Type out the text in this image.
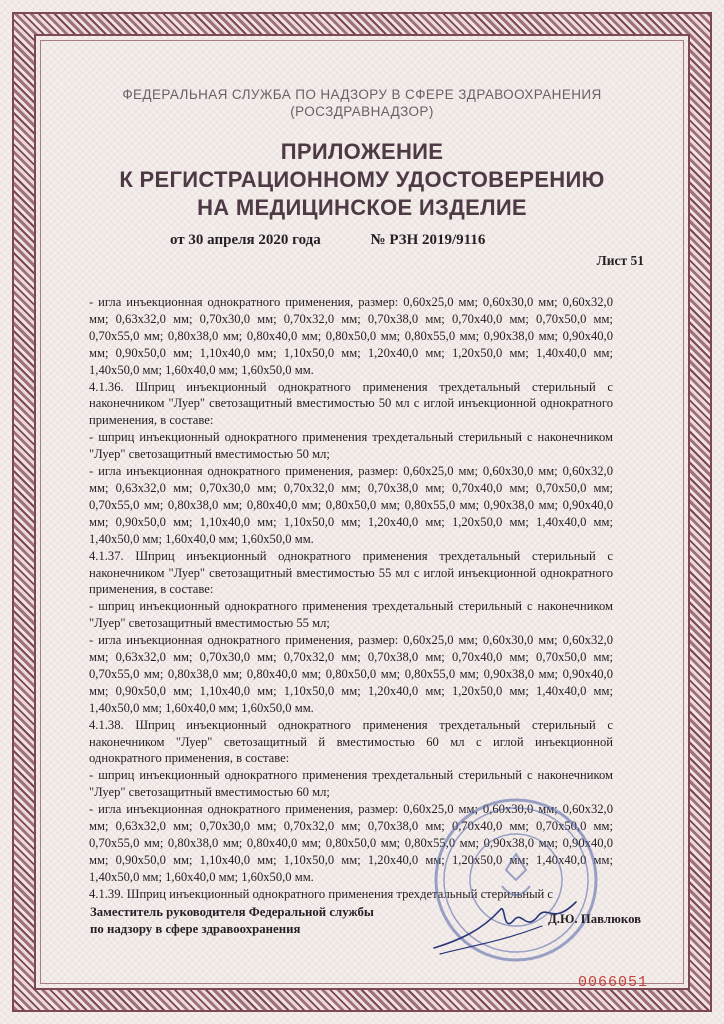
ФЕДЕРАЛЬНАЯ СЛУЖБА ПО НАДЗОРУ В СФЕРЕ ЗДРАВООХРАНЕНИЯ
(РОСЗДРАВНАДЗОР)
ПРИЛОЖЕНИЕ
К РЕГИСТРАЦИОННОМУ УДОСТОВЕРЕНИЮ
НА МЕДИЦИНСКОЕ ИЗДЕЛИЕ
от 30 апреля 2020 года	№ РЗН 2019/9116
Лист 51

- игла инъекционная однократного применения, размер: 0,60x25,0 мм; 0,60x30,0 мм; 0,60x32,0 мм; 0,63x32,0 мм; 0,70x30,0 мм; 0,70x32,0 мм; 0,70x38,0 мм; 0,70x40,0 мм; 0,70x50,0 мм; 0,70x55,0 мм; 0,80x38,0 мм; 0,80x40,0 мм; 0,80x50,0 мм; 0,80x55,0 мм; 0,90x38,0 мм; 0,90x40,0 мм; 0,90x50,0 мм; 1,10x40,0 мм; 1,10x50,0 мм; 1,20x40,0 мм; 1,20x50,0 мм; 1,40x40,0 мм; 1,40x50,0 мм; 1,60x40,0 мм; 1,60x50,0 мм.

4.1.36. Шприц инъекционный однократного применения трехдетальный стерильный с наконечником "Луер" светозащитный вместимостью 50 мл с иглой инъекционной однократного применения, в составе:

- шприц инъекционный однократного применения трехдетальный стерильный с наконечником "Луер" светозащитный вместимостью 50 мл;

- игла инъекционная однократного применения, размер: 0,60x25,0 мм; 0,60x30,0 мм; 0,60x32,0 мм; 0,63x32,0 мм; 0,70x30,0 мм; 0,70x32,0 мм; 0,70x38,0 мм; 0,70x40,0 мм; 0,70x50,0 мм; 0,70x55,0 мм; 0,80x38,0 мм; 0,80x40,0 мм; 0,80x50,0 мм; 0,80x55,0 мм; 0,90x38,0 мм; 0,90x40,0 мм; 0,90x50,0 мм; 1,10x40,0 мм; 1,10x50,0 мм; 1,20x40,0 мм; 1,20x50,0 мм; 1,40x40,0 мм; 1,40x50,0 мм; 1,60x40,0 мм; 1,60x50,0 мм.

4.1.37. Шприц инъекционный однократного применения трехдетальный стерильный с наконечником "Луер" светозащитный вместимостью 55 мл с иглой инъекционной однократного применения, в составе:

- шприц инъекционный однократного применения трехдетальный стерильный с наконечником "Луер" светозащитный вместимостью 55 мл;

- игла инъекционная однократного применения, размер: 0,60x25,0 мм; 0,60x30,0 мм; 0,60x32,0 мм; 0,63x32,0 мм; 0,70x30,0 мм; 0,70x32,0 мм; 0,70x38,0 мм; 0,70x40,0 мм; 0,70x50,0 мм; 0,70x55,0 мм; 0,80x38,0 мм; 0,80x40,0 мм; 0,80x50,0 мм; 0,80x55,0 мм; 0,90x38,0 мм; 0,90x40,0 мм; 0,90x50,0 мм; 1,10x40,0 мм; 1,10x50,0 мм; 1,20x40,0 мм; 1,20x50,0 мм; 1,40x40,0 мм; 1,40x50,0 мм; 1,60x40,0 мм; 1,60x50,0 мм.

4.1.38. Шприц инъекционный однократного применения трехдетальный стерильный с наконечником "Луер" светозащитный й вместимостью 60 мл с иглой инъекционной однократного применения, в составе:

- шприц инъекционный однократного применения трехдетальный стерильный с наконечником "Луер" светозащитный вместимостью 60 мл;

- игла инъекционная однократного применения, размер: 0,60x25,0 мм; 0,60x30,0 мм; 0,60x32,0 мм; 0,63x32,0 мм; 0,70x30,0 мм; 0,70x32,0 мм; 0,70x38,0 мм; 0,70x40,0 мм; 0,70x50,0 мм; 0,70x55,0 мм; 0,80x38,0 мм; 0,80x40,0 мм; 0,80x50,0 мм; 0,80x55,0 мм; 0,90x38,0 мм; 0,90x40,0 мм; 0,90x50,0 мм; 1,10x40,0 мм; 1,10x50,0 мм; 1,20x40,0 мм; 1,20x50,0 мм; 1,40x40,0 мм; 1,40x50,0 мм; 1,60x40,0 мм; 1,60x50,0 мм.

4.1.39. Шприц инъекционный однократного применения трехдетальный стерильный с

Заместитель руководителя Федеральной службы
по надзору в сфере здравоохранения
Д.Ю. Павлюков
0066051
